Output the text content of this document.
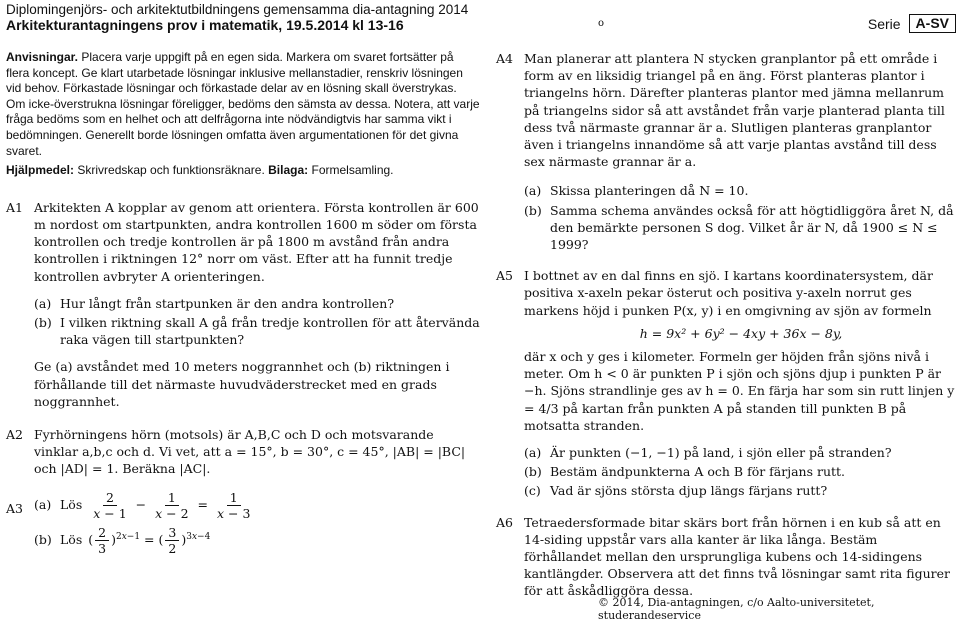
Diplomingenjörs- och arkitektutbildningens gemensamma dia-antagning 2014
Arkitekturantagningens prov i matematik, 19.5.2014 kl 13-16	o	Serie	A-SV
Anvisningar. Placera varje uppgift på en egen sida. Markera om svaret fortsätter på flera koncept. Ge klart utarbetade lösningar inklusive mellanstadier, renskriv lösningen vid behov. Förkastade lösningar och förkastade delar av en lösning skall överstrykas.
Om icke-överstrukna lösningar föreligger, bedöms den sämsta av dessa. Notera, att varje fråga bedöms som en helhet och att delfrågorna inte nödvändigtvis har samma vikt i bedömningen. Generellt borde lösningen omfatta även argumentationen för det givna svaret.
Hjälpmedel: Skrivredskap och funktionsräknare. Bilaga: Formelsamling.
A1 Arkitekten A kopplar av genom att orientera. Första kontrollen är 600 m nordost om startpunkten, andra kontrollen 1600 m söder om första kontrollen och tredje kontrollen är på 1800 m avstånd från andra kontrollen i riktningen 12° norr om väst. Efter att ha funnit tredje kontrollen avbryter A orienteringen.
(a) Hur långt från startpunken är den andra kontrollen?
(b) I vilken riktning skall A gå från tredje kontrollen för att återvända raka vägen till startpunkten?
Ge (a) avståndet med 10 meters noggrannhet och (b) riktningen i förhållande till det närmaste huvudväderstrecket med en grads noggrannhet.
A2 Fyrhörningens hörn (motsols) är A,B,C och D och motsvarande vinklar a,b,c och d. Vi vet, att a = 15°, b = 30°, c = 45°, |AB| = |BC| och |AD| = 1. Beräkna |AC|.
A3 (a) Lös $\frac{2}{x - 1} - \frac{1}{x - 2} = \frac{1}{x - 3}$
(b) Lös ( $\frac{2}{3} )^{2x-1}$ = ( $\frac{3}{2} )^{3x-4}$
A4 Man planerar att plantera N stycken granplantor på ett område i form av en liksidig triangel på en äng. Först planteras plantor i triangelns hörn. Därefter planteras plantor med jämna mellanrum på triangelns sidor så att avståndet från varje planterad planta till dess två närmaste grannar är a. Slutligen planteras granplantor även i triangelns innandöme så att varje plantas avstånd till dess sex närmaste grannar är a.
(a) Skissa planteringen då N = 10.
(b) Samma schema användes också för att högtidliggöra året N, då den bemärkte personen S dog. Vilket år är N, då 1900 ≤ N ≤ 1999?
A5 I bottnet av en dal finns en sjö. I kartans koordinatersystem, där positiva x-axeln pekar österut och positiva y-axeln norrut ges markens höjd i punken P(x, y) i en omgivning av sjön av formeln
h = 9x² + 6y² − 4xy + 36x − 8y,
där x och y ges i kilometer. Formeln ger höjden från sjöns nivå i meter. Om h < 0 är punkten P i sjön och sjöns djup i punkten P är −h. Sjöns strandlinje ges av h = 0. En färja har som sin rutt linjen y = 4/3 på kartan från punkten A på standen till punkten B på motsatta stranden.
(a) Är punkten (−1, −1) på land, i sjön eller på stranden?
(b) Bestäm ändpunkterna A och B för färjans rutt.
(c) Vad är sjöns största djup längs färjans rutt?
A6 Tetraedersformade bitar skärs bort från hörnen i en kub så att en 14-siding uppstår vars alla kanter är lika långa. Bestäm förhållandet mellan den ursprungliga kubens och 14-sidingens kantlängder. Observera att det finns två lösningar samt rita figurer för att åskådliggöra dessa.
© 2014, Dia-antagningen, c/o Aalto-universitetet, studerandeservice
